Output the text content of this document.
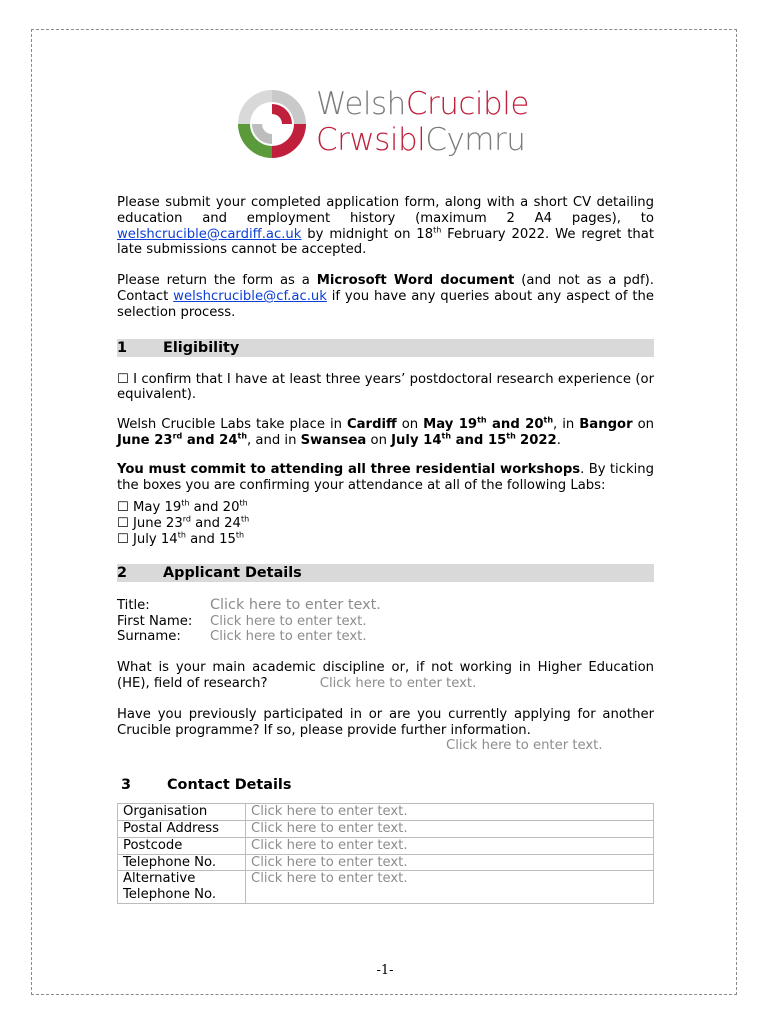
WelshCrucible
CrwsiblCymru

Please submit your completed application form, along with a short CV detailing education and employment history (maximum 2 A4 pages), to welshcrucible@cardiff.ac.uk by midnight on 18th February 2022. We regret that late submissions cannot be accepted.

Please return the form as a Microsoft Word document (and not as a pdf). Contact welshcrucible@cf.ac.uk if you have any queries about any aspect of the selection process.

1	Eligibility

☐ I confirm that I have at least three years’ postdoctoral research experience (or equivalent).

Welsh Crucible Labs take place in Cardiff on May 19th and 20th, in Bangor on June 23rd and 24th, and in Swansea on July 14th and 15th 2022.

You must commit to attending all three residential workshops. By ticking the boxes you are confirming your attendance at all of the following Labs:

☐ May 19th and 20th
☐ June 23rd and 24th
☐ July 14th and 15th
2	Applicant Details
Title:	Click here to enter text.
First Name:	Click here to enter text.
Surname:	Click here to enter text.

What is your main academic discipline or, if not working in Higher Education (HE), field of research?	Click here to enter text.

Have you previously participated in or are you currently applying for another Crucible programme? If so, please provide further information.

Click here to enter text.
3	Contact Details
Organisation	Click here to enter text.
Postal Address	Click here to enter text.
Postcode	Click here to enter text.
Telephone No.	Click here to enter text.
Alternative Telephone No.	Click here to enter text.
-1-
